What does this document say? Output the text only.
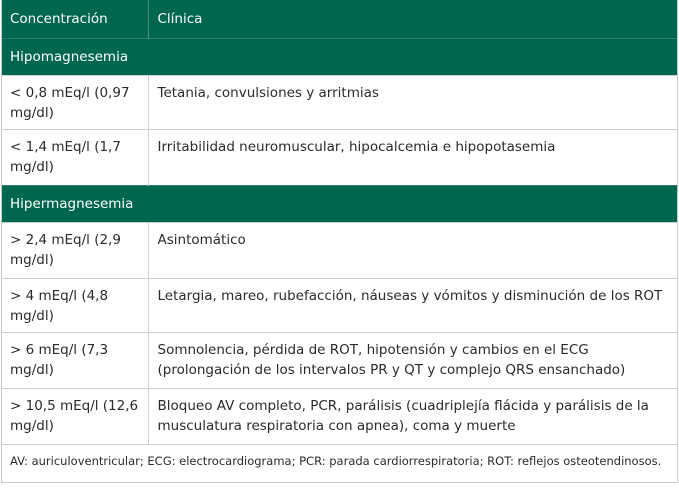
Concentración	Clínica
Hipomagnesemia	
< 0,8 mEq/l (0,97 mg/dl)	Tetania, convulsiones y arritmias
< 1,4 mEq/l (1,7 mg/dl)	Irritabilidad neuromuscular, hipocalcemia e hipopotasemia
Hipermagnesemia	
> 2,4 mEq/l (2,9 mg/dl)	Asintomático
> 4 mEq/l (4,8 mg/dl)	Letargia, mareo, rubefacción, náuseas y vómitos y disminución de los ROT
> 6 mEq/l (7,3 mg/dl)	Somnolencia, pérdida de ROT, hipotensión y cambios en el ECG (prolongación de los intervalos PR y QT y complejo QRS ensanchado)
> 10,5 mEq/l (12,6 mg/dl)	Bloqueo AV completo, PCR, parálisis (cuadriplejía flácida y parálisis de la musculatura respiratoria con apnea), coma y muerte
AV: auriculoventricular; ECG: electrocardiograma; PCR: parada cardiorrespiratoria; ROT: reflejos osteotendinosos.	
